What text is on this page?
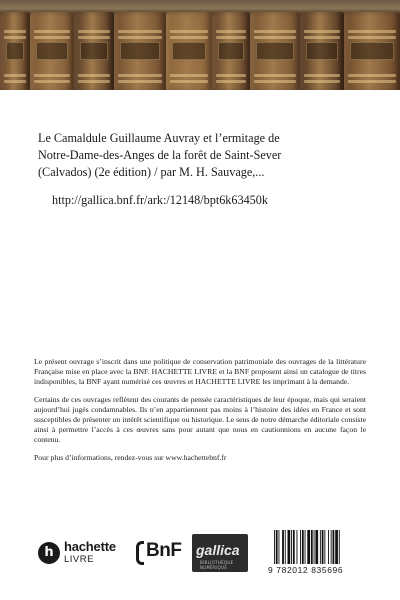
Le Camaldule Guillaume Auvray et l’ermitage de
Notre-Dame-des-Anges de la forêt de Saint-Sever
(Calvados) (2e édition) / par M. H. Sauvage,...
http://gallica.bnf.fr/ark:/12148/bpt6k63450k

Le présent ouvrage s’inscrit dans une politique de conservation patrimoniale des ouvrages de la littérature Française mise en place avec la BNF. HACHETTE LIVRE et la BNF proposent ainsi un catalogue de titres indisponibles, la BNF ayant numérisé ces œuvres et HACHETTE LIVRE les imprimant à la demande.

Certains de ces ouvrages reflètent des courants de pensée caractéristiques de leur époque, mais qui seraient aujourd’hui jugés condamnables. Ils n’en appartiennent pas moins à l’histoire des idées en France et sont susceptibles de présenter un intérêt scientifique ou historique. Le sens de notre démarche éditoriale consiste ainsi à permettre l’accès à ces œuvres sans pour autant que nous en cautionnions en aucune façon le contenu.

Pour plus d’informations, rendez-vous sur www.hachettebnf.fr

h hachette
LIVRE	BnF gallica
BIBLIOTHÈQUE NUMÉRIQUE	9 782012 835696
